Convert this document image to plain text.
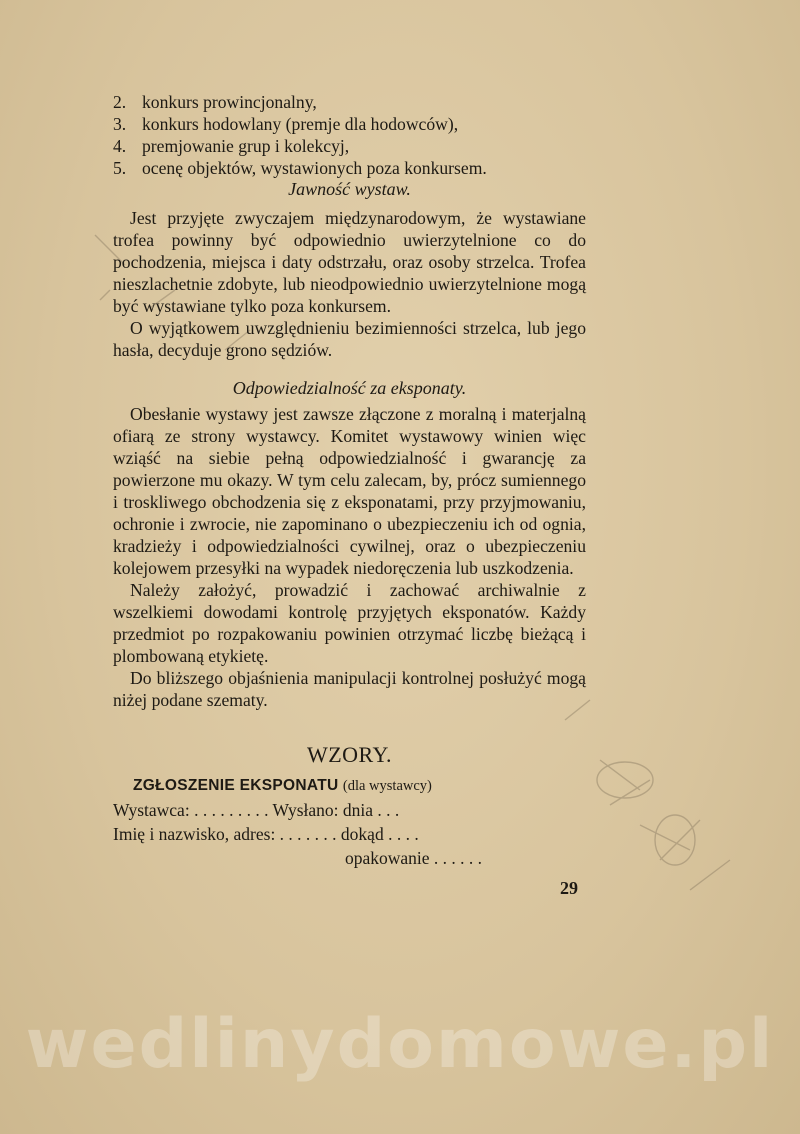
2. konkurs prowincjonalny,
3. konkurs hodowlany (premje dla hodowców),
4. premjowanie grup i kolekcyj,
5. ocenę objektów, wystawionych poza konkursem.
Jawność wystaw.

Jest przyjęte zwyczajem międzynarodowym, że wystawiane trofea powinny być odpowiednio uwierzytelnione co do pochodzenia, miejsca i daty odstrzału, oraz osoby strzelca. Trofea nieszlachetnie zdobyte, lub nieodpowiednio uwierzytelnione mogą być wystawiane tylko poza konkursem.

O wyjątkowem uwzględnieniu bezimienności strzelca, lub jego hasła, decyduje grono sędziów.

Odpowiedzialność za eksponaty.

Obesłanie wystawy jest zawsze złączone z moralną i materjalną ofiarą ze strony wystawcy. Komitet wystawowy winien więc wziąść na siebie pełną odpowiedzialność i gwarancję za powierzone mu okazy. W tym celu zalecam, by, prócz sumiennego i troskliwego obchodzenia się z eksponatami, przy przyjmowaniu, ochronie i zwrocie, nie zapominano o ubezpieczeniu ich od ognia, kradzieży i odpowiedzialności cywilnej, oraz o ubezpieczeniu kolejowem przesyłki na wypadek niedoręczenia lub uszkodzenia.

Należy założyć, prowadzić i zachować archiwalnie z wszelkiemi dowodami kontrolę przyjętych eksponatów. Każdy przedmiot po rozpakowaniu powinien otrzymać liczbę bieżącą i plombowaną etykietę.

Do bliższego objaśnienia manipulacji kontrolnej posłużyć mogą niżej podane szematy.

WZORY.
ZGŁOSZENIE EKSPONATU (dla wystawcy)
Wystawca: . . . . . . . . . Wysłano: dnia . . .
Imię i nazwisko, adres: . . . . . . . dokąd . . . .
opakowanie . . . . . .
29
wedlinydomowe.pl
